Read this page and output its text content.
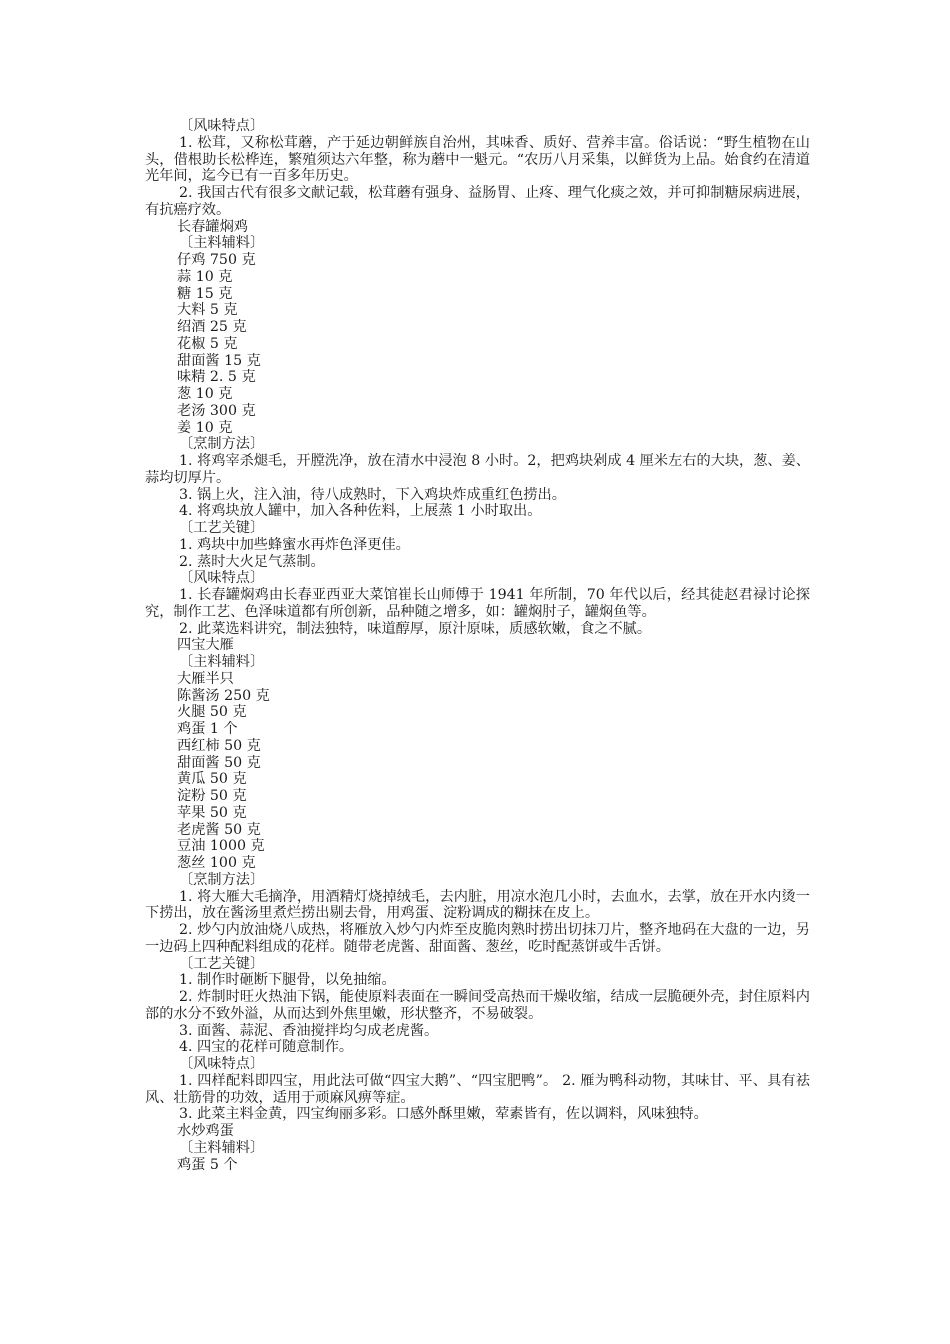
〔风味特点〕
1. 松茸，又称松茸蘑，产于延边朝鲜族自治州，其味香、质好、营养丰富。俗话说：“野生植物在山头，借根助长松桦连，繁殖须达六年整，称为蘑中一魁元。“农历八月采集，以鲜货为上品。始食约在清道光年间，迄今已有一百多年历史。
2. 我国古代有很多文献记载，松茸蘑有强身、益肠胃、止疼、理气化痰之效，并可抑制糖尿病进展，有抗癌疗效。
长春罐焖鸡
〔主料辅料〕
仔鸡 750 克
蒜 10 克
糖 15 克
大料 5 克
绍酒 25 克
花椒 5 克
甜面酱 15 克
味精 2. 5 克
葱 10 克
老汤 300 克
姜 10 克
〔烹制方法〕
1. 将鸡宰杀煺毛，开膛洗净，放在清水中浸泡 8 小时。2，把鸡块剁成 4 厘米左右的大块，葱、姜、蒜均切厚片。
3. 锅上火，注入油，待八成熟时，下入鸡块炸成重红色捞出。
4. 将鸡块放人罐中，加入各种佐料，上展蒸 1 小时取出。
〔工艺关键〕
1. 鸡块中加些蜂蜜水再炸色泽更佳。
2. 蒸时大火足气蒸制。
〔风味特点〕
1. 长春罐焖鸡由长春亚西亚大菜馆崔长山师傅于 1941 年所制，70 年代以后，经其徒赵君禄讨论探究，制作工艺、色泽味道都有所创新，品种随之增多，如：罐焖肘子，罐焖鱼等。
2. 此菜选料讲究，制法独特，味道醇厚，原汁原味，质感软嫩，食之不腻。
四宝大雁
〔主料辅料〕
大雁半只
陈酱汤 250 克
火腿 50 克
鸡蛋 1 个
西红柿 50 克
甜面酱 50 克
黄瓜 50 克
淀粉 50 克
苹果 50 克
老虎酱 50 克
豆油 1000 克
葱丝 100 克
〔烹制方法〕
1. 将大雁大毛摘净，用酒精灯烧掉绒毛，去内脏，用凉水泡几小时，去血水，去掌，放在开水内烫一下捞出，放在酱汤里煮烂捞出剔去骨，用鸡蛋、淀粉调成的糊抹在皮上。
2. 炒勺内放油烧八成热，将雁放入炒勺内炸至皮脆肉熟时捞出切抹刀片，整齐地码在大盘的一边，另一边码上四种配料组成的花样。随带老虎酱、甜面酱、葱丝，吃时配蒸饼或牛舌饼。
〔工艺关键〕
1. 制作时砸断下腿骨，以免抽缩。
2. 炸制时旺火热油下锅，能使原料表面在一瞬间受高热而干燥收缩，结成一层脆硬外壳，封住原料内部的水分不致外溢，从而达到外焦里嫩，形状整齐，不易破裂。
3. 面酱、蒜泥、香油搅拌均匀成老虎酱。
4. 四宝的花样可随意制作。
〔风味特点〕
1. 四样配料即四宝，用此法可做“四宝大鹅”、“四宝肥鸭”。 2. 雁为鸭科动物，其味甘、平、具有祛风、壮筋骨的功效，适用于顽麻风痹等症。
3. 此菜主料金黄，四宝绚丽多彩。口感外酥里嫩，荤素皆有，佐以调料，风味独特。
水炒鸡蛋
〔主料辅料〕
鸡蛋 5 个
